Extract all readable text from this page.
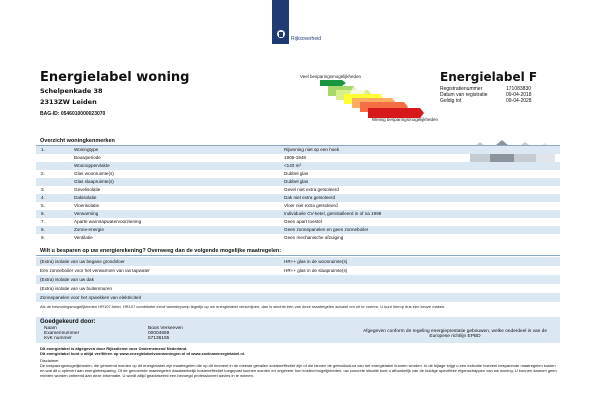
Rijksoverheid
Energielabel woning
Schelpenkade 38
2313ZW Leiden
BAG-ID: 0546010000023070
Veel besparingsmogelijkheden
Weinig besparingsmogelijkheden
Energielabel F
Registratienummer	171083830
Datum van registratie	09-04-2018
Geldig tot	09-04-2028
Overzicht woningkenmerken
1.	Woningtype	Rijwoning niet op een hoek
Bouwperiode	1906-1948
Woonoppervlakte	<140 m²
2.	Glas woonruimte(s)	Dubbel glas
Glas slaapruimte(s)	Dubbel glas
3.	Gevelisolatie	Gevel niet extra geïsoleerd
4.	Dakisolatie	Dak niet extra geïsoleerd
5.	Vloerisolatie	Vloer niet extra geïsoleerd
6.	Verwarming	Individuele CV-ketel, geïnstalleerd in of na 1998
7.	Aparte warmtapwatervoorziening	Geen apart toestel
8.	Zonne-energie	Geen zonnepanelen en geen zonneboiler
9.	Ventilatie	Geen mechanische afzuiging
Wilt u besparen op uw energierekening? Overweeg dan de volgende mogelijke maatregelen:
(Extra) isolatie van uw begane grondvloer	HR++ glas in de woonruimte(s)
Een zonneboiler voor het verwarmen van uw tapwater	HR++ glas in de slaapruimte(s)
(Extra) isolatie van uw dak
(Extra) isolatie van uw buitenmuren
Zonnepanelen voor het opwekken van elektriciteit
Als de bewoningsmogelijkheden HR107-ketel, HR107 combiketel en/of warmtepomp tegelijk op uw energielabel verschijnen, dan is slechts één van deze maatregelen actueel om uit te voeren. U kunt hierop dus een keuze maken.
Goedgekeurd door:
Naam	Boos Verseeven
Examennummer	00004659
KvK nummer	57136155
Afgegeven conform de regeling energieprestatie gebouwen, welke onderdeel is van de Europese richtlijn EPBD
Dit energielabel is afgegeven door Rijksdienst voor Ondernemend Nederland.
Dit energielabel kunt u altijd verifiëren op www.energielabelvoorwoningen.nl of www.zoekuwenergielabel.nl.
Disclaimer
De besparingsmogelijkheden, die genoemd worden op dit energielabel zijn maatregelen die op dit moment in de meeste gevallen kosteneffectief zijn of die binnen de gebruiksduur van het energielabel kunnen worden. In de bijlage krijgt u een indicatie hoeveel besparende maatregelen kosten en wat dit u oplevert aan energiebesparing. Of de genoemde maatregelen daadwerkelijk kosteneffectief toegepast kunnen worden en ongeveer hun kosten/mogelijkheden, uw concrete situatie kunt u afhankelijk van de huidige specifieke eigenschappen van uw woning. U kunnen daarom geen rechten worden ontleend aan deze informatie. U wordt altijd geadviseerd een bevoegd professioneel advies in te winnen.
